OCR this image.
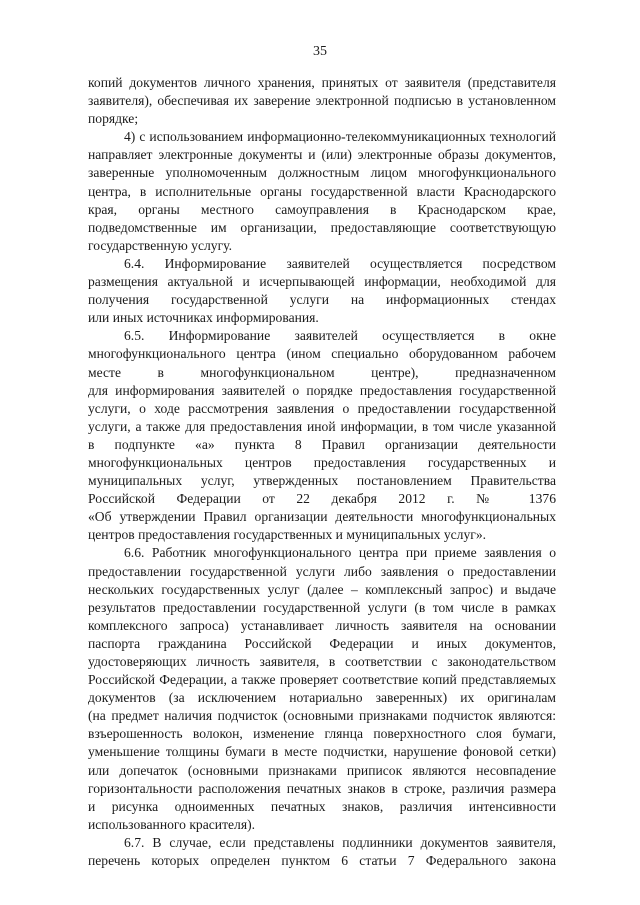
35
копий документов личного хранения, принятых от заявителя (представителя
заявителя), обеспечивая их заверение электронной подписью в установленном
порядке;
4) с использованием информационно-телекоммуникационных технологий
направляет электронные документы и (или) электронные образы документов,
заверенные уполномоченным должностным лицом многофункционального
центра, в исполнительные органы государственной власти Краснодарского
края, органы местного самоуправления в Краснодарском крае,
подведомственные им организации, предоставляющие соответствующую
государственную услугу.
6.4. Информирование заявителей осуществляется посредством
размещения актуальной и исчерпывающей информации, необходимой для
получения государственной услуги на информационных стендах
или иных источниках информирования.
6.5. Информирование заявителей осуществляется в окне
многофункционального центра (ином специально оборудованном рабочем
месте в многофункциональном центре), предназначенном
для информирования заявителей о порядке предоставления государственной
услуги, о ходе рассмотрения заявления о предоставлении государственной
услуги, а также для предоставления иной информации, в том числе указанной
в подпункте «а» пункта 8 Правил организации деятельности
многофункциональных центров предоставления государственных и
муниципальных услуг, утвержденных постановлением Правительства
Российской Федерации от 22 декабря 2012 г. № 1376
«Об утверждении Правил организации деятельности многофункциональных
центров предоставления государственных и муниципальных услуг».
6.6. Работник многофункционального центра при приеме заявления о
предоставлении государственной услуги либо заявления о предоставлении
нескольких государственных услуг (далее – комплексный запрос) и выдаче
результатов предоставлении государственной услуги (в том числе в рамках
комплексного запроса) устанавливает личность заявителя на основании
паспорта гражданина Российской Федерации и иных документов,
удостоверяющих личность заявителя, в соответствии с законодательством
Российской Федерации, а также проверяет соответствие копий представляемых
документов (за исключением нотариально заверенных) их оригиналам
(на предмет наличия подчисток (основными признаками подчисток являются:
взъерошенность волокон, изменение глянца поверхностного слоя бумаги,
уменьшение толщины бумаги в месте подчистки, нарушение фоновой сетки)
или допечаток (основными признаками приписок являются несовпадение
горизонтальности расположения печатных знаков в строке, различия размера
и рисунка одноименных печатных знаков, различия интенсивности
использованного красителя).
6.7. В случае, если представлены подлинники документов заявителя,
перечень которых определен пунктом 6 статьи 7 Федерального закона
